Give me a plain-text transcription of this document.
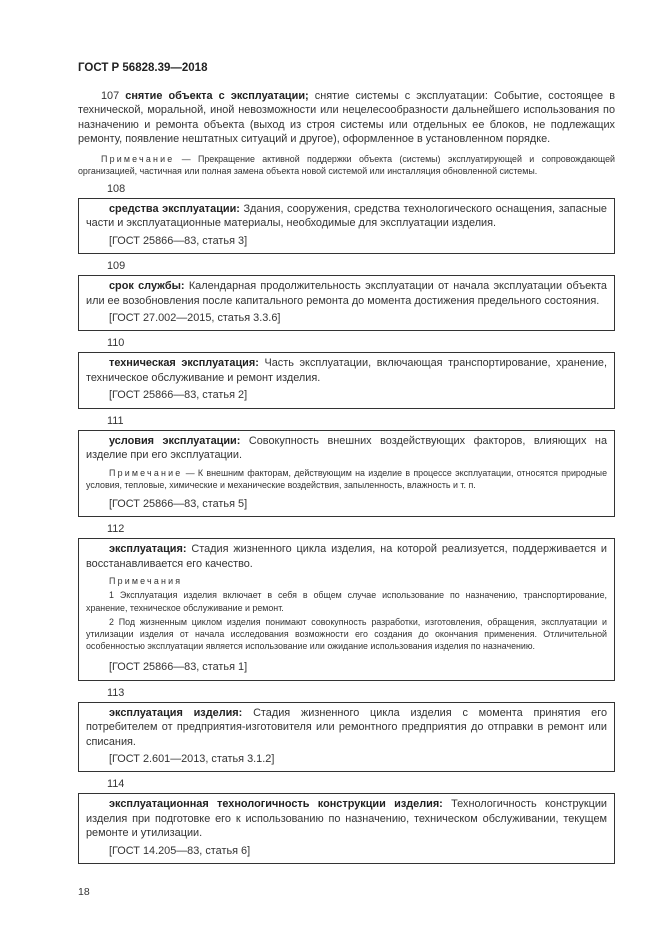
ГОСТ Р 56828.39—2018

107 снятие объекта с эксплуатации; снятие системы с эксплуатации: Событие, состоящее в технической, моральной, иной невозможности или нецелесообразности дальнейшего использования по назначению и ремонта объекта (выход из строя системы или отдельных ее блоков, не подлежащих ремонту, появление нештатных ситуаций и другое), оформленное в установленном порядке.

Примечание — Прекращение активной поддержки объекта (системы) эксплуатирующей и сопровождающей организацией, частичная или полная замена объекта новой системой или инсталляция обновленной системы.

108

средства эксплуатации: Здания, сооружения, средства технологического оснащения, запасные части и эксплуатационные материалы, необходимые для эксплуатации изделия.

[ГОСТ 25866—83, статья 3]

109

срок службы: Календарная продолжительность эксплуатации от начала эксплуатации объекта или ее возобновления после капитального ремонта до момента достижения предельного состояния.

[ГОСТ 27.002—2015, статья 3.3.6]

110

техническая эксплуатация: Часть эксплуатации, включающая транспортирование, хранение, техническое обслуживание и ремонт изделия.

[ГОСТ 25866—83, статья 2]

111

условия эксплуатации: Совокупность внешних воздействующих факторов, влияющих на изделие при его эксплуатации.

Примечание — К внешним факторам, действующим на изделие в процессе эксплуатации, относятся природные условия, тепловые, химические и механические воздействия, запыленность, влажность и т. п.

[ГОСТ 25866—83, статья 5]

112

эксплуатация: Стадия жизненного цикла изделия, на которой реализуется, поддерживается и восстанавливается его качество.

Примечания

1 Эксплуатация изделия включает в себя в общем случае использование по назначению, транспортирование, хранение, техническое обслуживание и ремонт.

2 Под жизненным циклом изделия понимают совокупность разработки, изготовления, обращения, эксплуатации и утилизации изделия от начала исследования возможности его создания до окончания применения. Отличительной особенностью эксплуатации является использование или ожидание использования изделия по назначению.

[ГОСТ 25866—83, статья 1]

113

эксплуатация изделия: Стадия жизненного цикла изделия с момента принятия его потребителем от предприятия-изготовителя или ремонтного предприятия до отправки в ремонт или списания.

[ГОСТ 2.601—2013, статья 3.1.2]

114

эксплуатационная технологичность конструкции изделия: Технологичность конструкции изделия при подготовке его к использованию по назначению, техническом обслуживании, текущем ремонте и утилизации.

[ГОСТ 14.205—83, статья 6]

18
